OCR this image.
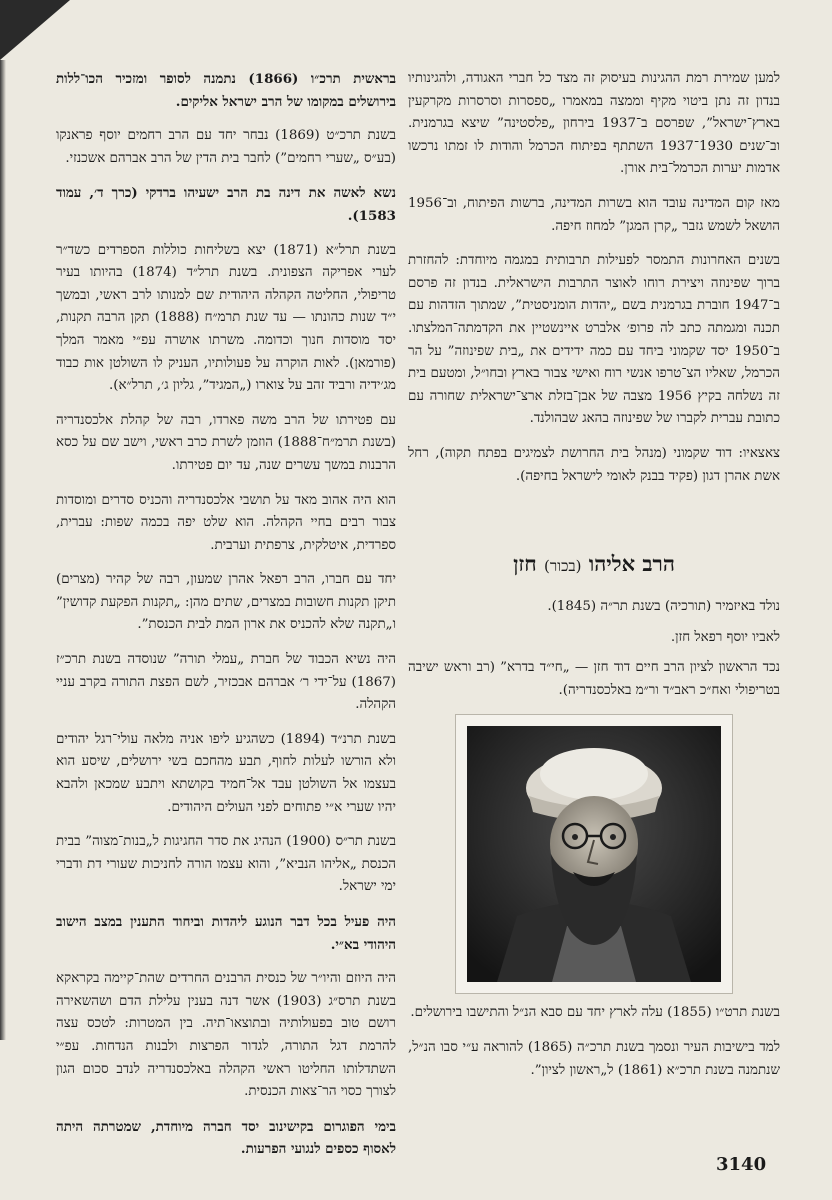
למען שמירת רמת ההגינות בעיסוק זה מצד כל חברי האגודה, ולהגינותיו בנדון זה נתן ביטוי מקיף וממצה במאמרו „ספסרות וסרסרות מקרקעין בארץ־ישראל”, שפרסם ב־1937 בירחון „פלסטינה” שיצא בגרמנית. וב־שנים 1930־1937 השתתף בפיתוח הכרמל והודות לו זמתו נרכשו אדמות יערות הכרמל־בית אורן.

מאז קום המדינה עובד הוא בשרות המדינה, ברשות הפיתוח, וב־1956 הושאל לשמש גזבר „קרן המגן” למחוז חיפה.

בשנים האחרונות התמסר לפעילות תרבותית במגמה מיוחדת: להחזרת ברוך שפינוזה ויצירת רוחו לאוצר התרבות הישראלית. בנדון זה פרסם ב־1947 חוברת בגרמנית בשם „יהדות הומניסטית”, שמתוך הזדהות עם תכנה ומגמתה כתב לה פרופ׳ אלברט איינשטיין את הקדמתה־המלצתו. ב־1950 יסד שקמוני ביחד עם כמה ידידים את „בית שפינוזה” על הר הכרמל, שאליו הצ־טרפו אנשי רוח ואישי צבור בארץ ובחו״ל, ומטעם בית זה נשלחה בקיץ 1956 מצבה של אבן־בזלת ארצ־ישראלית שחורה עם כתובת עברית לקברו של שפינוזה בהאג שבהולנד.

צאצאיו: דוד שקמוני (מנהל בית החרושת לצמיגים בפתח תקוה), רחל אשת אהרן דגון (פקיד בבנק לאומי לישראל בחיפה).

הרב אליהו (בכור) חזן

נולד באיזמיר (תורכיה) בשנת תר״ה (1845).

לאביו יוסף רפאל חזן.

נכד הראשון לציון הרב חיים דוד חזן — „חי״ד בדרא” (רב וראש ישיבה בטריפולי ואח״כ ראב״ד ור״מ באלכסנדריה).

בשנת תרט״ו (1855) עלה לארץ יחד עם סבא הנ״ל והתישבו בירושלים.

למד בישיבות העיר ונסמך בשנת תרכ״ה (1865) להוראה ע״י סבו הנ״ל, שנתמנה בשנת תרכ״א (1861) ל„ראשון לציון”.

בראשית תרכ״ו (1866) נתמנה לסופר ומזכיר הכו־ללות בירושלים במקומו של הרב ישראל אליקים.

בשנת תרכ״ט (1869) נבחר יחד עם הרב רחמים יוסף פראנקו (בע״ס „שערי רחמים”) לחבר בית הדין של הרב אברהם אשכנזי.

נשא לאשה את דינה בת הרב ישעיהו ברדקי (כרך ד׳, עמוד 1583).

בשנת תרל״א (1871) יצא בשליחות כוללות הספרדים כשד״ר לערי אפריקה הצפונית. בשנת תרל״ד (1874) בהיותו בעיר טריפולי, החליטה הקהלה היהודית שם למנותו לרב ראשי, ובמשך י״ד שנות כהונתו — עד שנת תרמ״ח (1888) תקן הרבה תקנות, יסד מוסדות חנוך וכדומה. משרתו אושרה עפ״י מאמר המלך (פורמאן). לאות הוקרה על פעולותיו, העניק לו השולטן אות כבוד מג׳ידיה ורביד זהב על צוארו („המגיד”, גליון ג׳, תרל״א).

עם פטירתו של הרב משה פארדו, רבה של קהלת אלכסנדריה (בשנת תרמ״ח־1888) הוזמן לשרת כרב ראשי, וישב שם על כסא הרבנות במשך עשרים שנה, עד יום פטירתו.

הוא היה אהוב מאד על תושבי אלכסנדריה והכניס סדרים ומוסדות צבור רבים בחיי הקהלה. הוא שלט יפה בכמה שפות: עברית, ספרדית, איטלקית, צרפתית וערבית.

יחד עם חברו, הרב רפאל אהרן שמעון, רבה של קהיר (מצרים) תיקן תקנות חשובות במצרים, שתים מהן: „תקנות הפקעת קדושין” ו„תקנה שלא להכניס את ארון המת לבית הכנסת”.

היה נשיא הכבוד של חברת „עמלי תורה” שנוסדה בשנת תרכ״ז (1867) על־ידי ר׳ אברהם אבכזיר, לשם הפצת התורה בקרב עניי הקהלה.

בשנת תרנ״ד (1894) כשהגיע ליפו אניה מלאה עולי־רגל יהודים ולא הורשו לעלות לחוף, תבע מהחכם בשי ירושלים, שיסע הוא בעצמו אל השולטן עבד אל־חמיד בקושתא ויתבע שמכאן ולהבא יהיו שערי א״י פתוחים לפני העולים היהודים.

בשנת תר״ס (1900) הנהיג את סדר החגיגות ל„בנות־מצוה” בבית הכנסת „אליהו הנביא”, והוא עצמו הורה לחניכות שעורי דת ודברי ימי ישראל.

היה פעיל בכל דבר הנוגע ליהדות וביחוד התענין במצב הישוב היהודי בא״י.

היה היוזם והיו״ר של כנסית הרבנים החרדים שהת־קיימה בקראקא בשנת תרס״ג (1903) אשר דנה בענין עלילת הדם ושהשאירה רושם טוב בפעולותיה ובתוצאו־תיה. בין המטרות: לטכס עצה להרמת דגל התורה, לגדור הפרצות ולבנות הנדחות. עפ״י השתדלותו החליטו ראשי הקהלה באלכסנדריה לנדב סכום הגון לצורך כסוי הר־צאות הכנסית.

בימי הפוגרום בקישינוב יסד חברה מיוחדת, שמטרתה היתה לאסוף כספים לנגועי הפרעות.

3140
